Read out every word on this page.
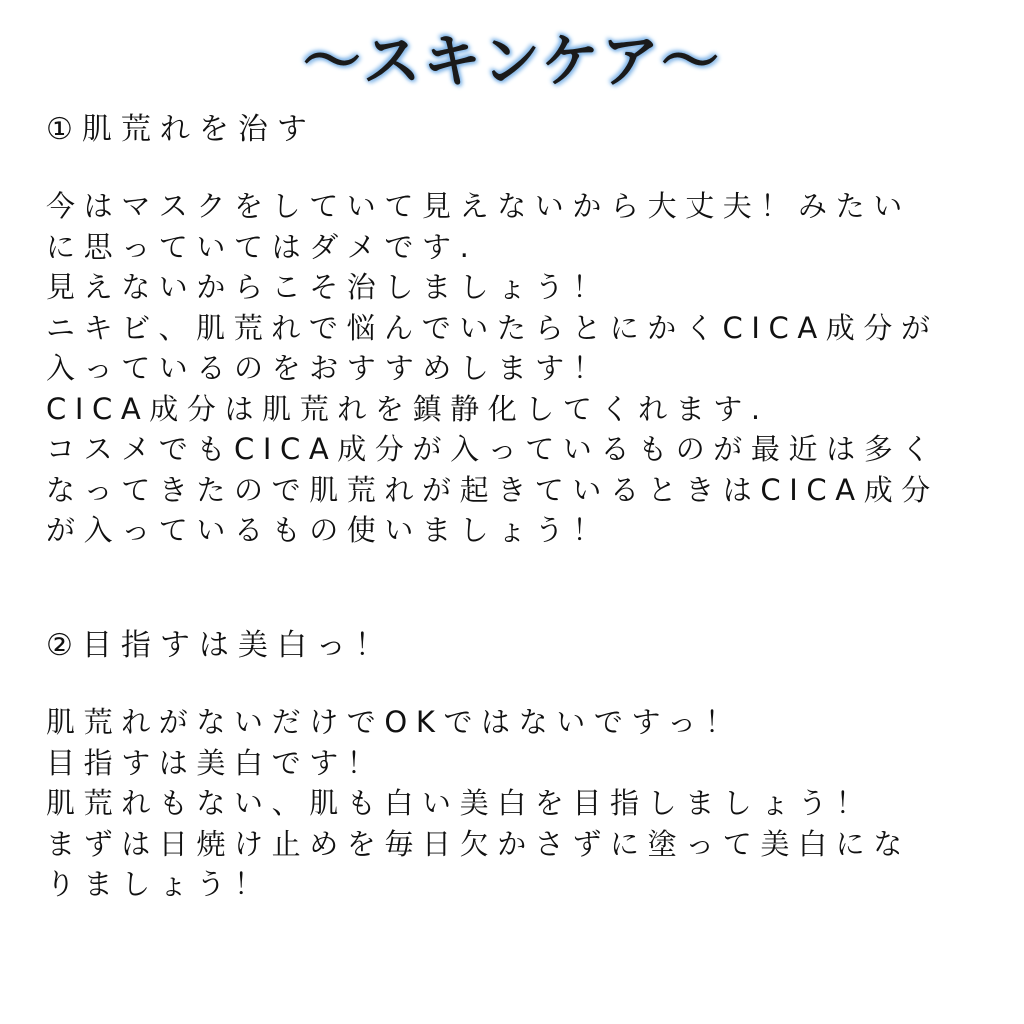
〜スキンケア〜
①肌荒れを治す
今はマスクをしていて見えないから大丈夫！みたい
に思っていてはダメです.
見えないからこそ治しましょう！
ニキビ、肌荒れで悩んでいたらとにかくCICA成分が
入っているのをおすすめします！
CICA成分は肌荒れを鎮静化してくれます.
コスメでもCICA成分が入っているものが最近は多く
なってきたので肌荒れが起きているときはCICA成分
が入っているもの使いましょう！
②目指すは美白っ！
肌荒れがないだけでOKではないですっ！
目指すは美白です！
肌荒れもない、肌も白い美白を目指しましょう！
まずは日焼け止めを毎日欠かさずに塗って美白にな
りましょう！
